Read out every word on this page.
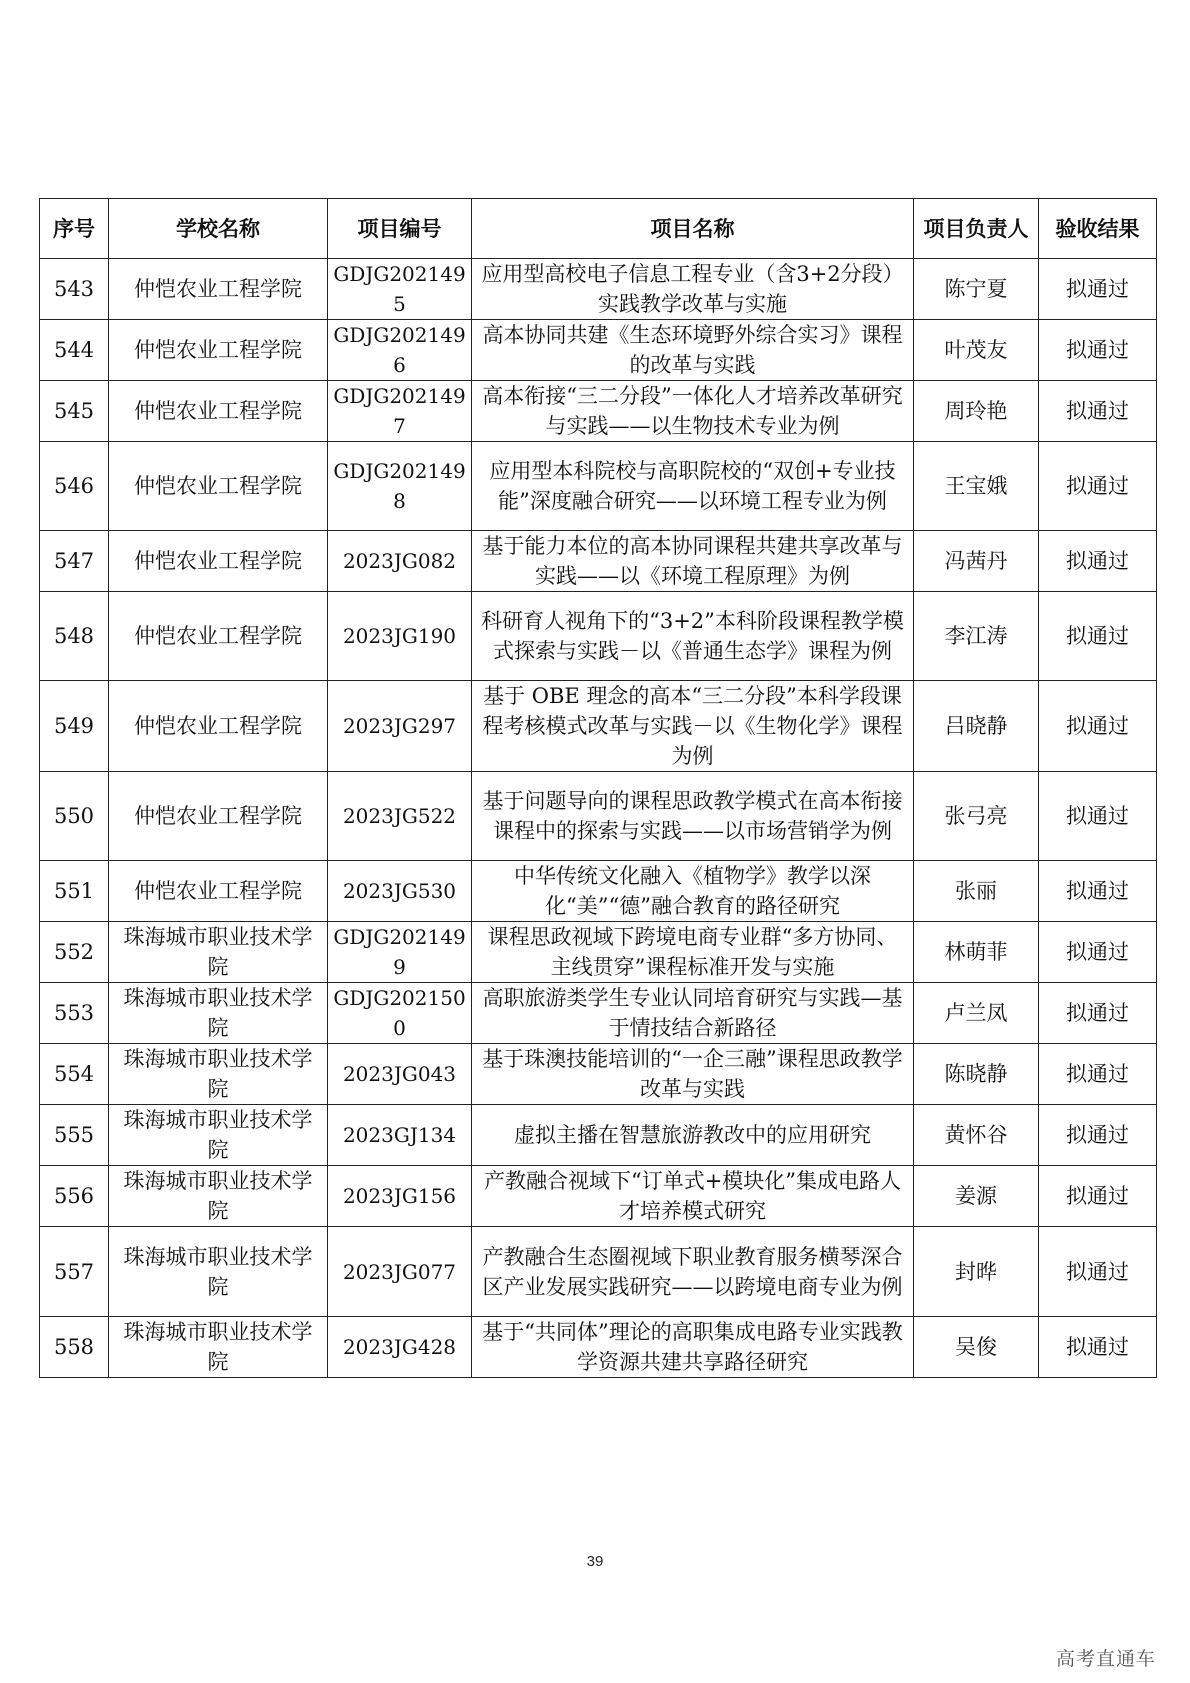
序号	学校名称	项目编号	项目名称	项目负责人	验收结果
543	仲恺农业工程学院	GDJG2021495	应用型高校电子信息工程专业（含3+2分段）实践教学改革与实施	陈宁夏	拟通过
544	仲恺农业工程学院	GDJG2021496	高本协同共建《生态环境野外综合实习》课程的改革与实践	叶茂友	拟通过
545	仲恺农业工程学院	GDJG2021497	高本衔接“三二分段”一体化人才培养改革研究与实践——以生物技术专业为例	周玲艳	拟通过
546	仲恺农业工程学院	GDJG2021498	应用型本科院校与高职院校的“双创+专业技能”深度融合研究——以环境工程专业为例	王宝娥	拟通过
547	仲恺农业工程学院	2023JG082	基于能力本位的高本协同课程共建共享改革与实践——以《环境工程原理》为例	冯茜丹	拟通过
548	仲恺农业工程学院	2023JG190	科研育人视角下的“3+2”本科阶段课程教学模式探索与实践－以《普通生态学》课程为例	李江涛	拟通过
549	仲恺农业工程学院	2023JG297	基于 OBE 理念的高本“三二分段”本科学段课程考核模式改革与实践－以《生物化学》课程为例	吕晓静	拟通过
550	仲恺农业工程学院	2023JG522	基于问题导向的课程思政教学模式在高本衔接课程中的探索与实践——以市场营销学为例	张弓亮	拟通过
551	仲恺农业工程学院	2023JG530	中华传统文化融入《植物学》教学以深化“美”“德”融合教育的路径研究	张丽	拟通过
552	珠海城市职业技术学院	GDJG2021499	课程思政视域下跨境电商专业群“多方协同、主线贯穿”课程标准开发与实施	林萌菲	拟通过
553	珠海城市职业技术学院	GDJG2021500	高职旅游类学生专业认同培育研究与实践—基于情技结合新路径	卢兰凤	拟通过
554	珠海城市职业技术学院	2023JG043	基于珠澳技能培训的“一企三融”课程思政教学改革与实践	陈晓静	拟通过
555	珠海城市职业技术学院	2023GJ134	虚拟主播在智慧旅游教改中的应用研究	黄怀谷	拟通过
556	珠海城市职业技术学院	2023JG156	产教融合视域下“订单式+模块化”集成电路人才培养模式研究	姜源	拟通过
557	珠海城市职业技术学院	2023JG077	产教融合生态圈视域下职业教育服务横琴深合区产业发展实践研究——以跨境电商专业为例	封晔	拟通过
558	珠海城市职业技术学院	2023JG428	基于“共同体”理论的高职集成电路专业实践教学资源共建共享路径研究	吴俊	拟通过
39
高考直通车
